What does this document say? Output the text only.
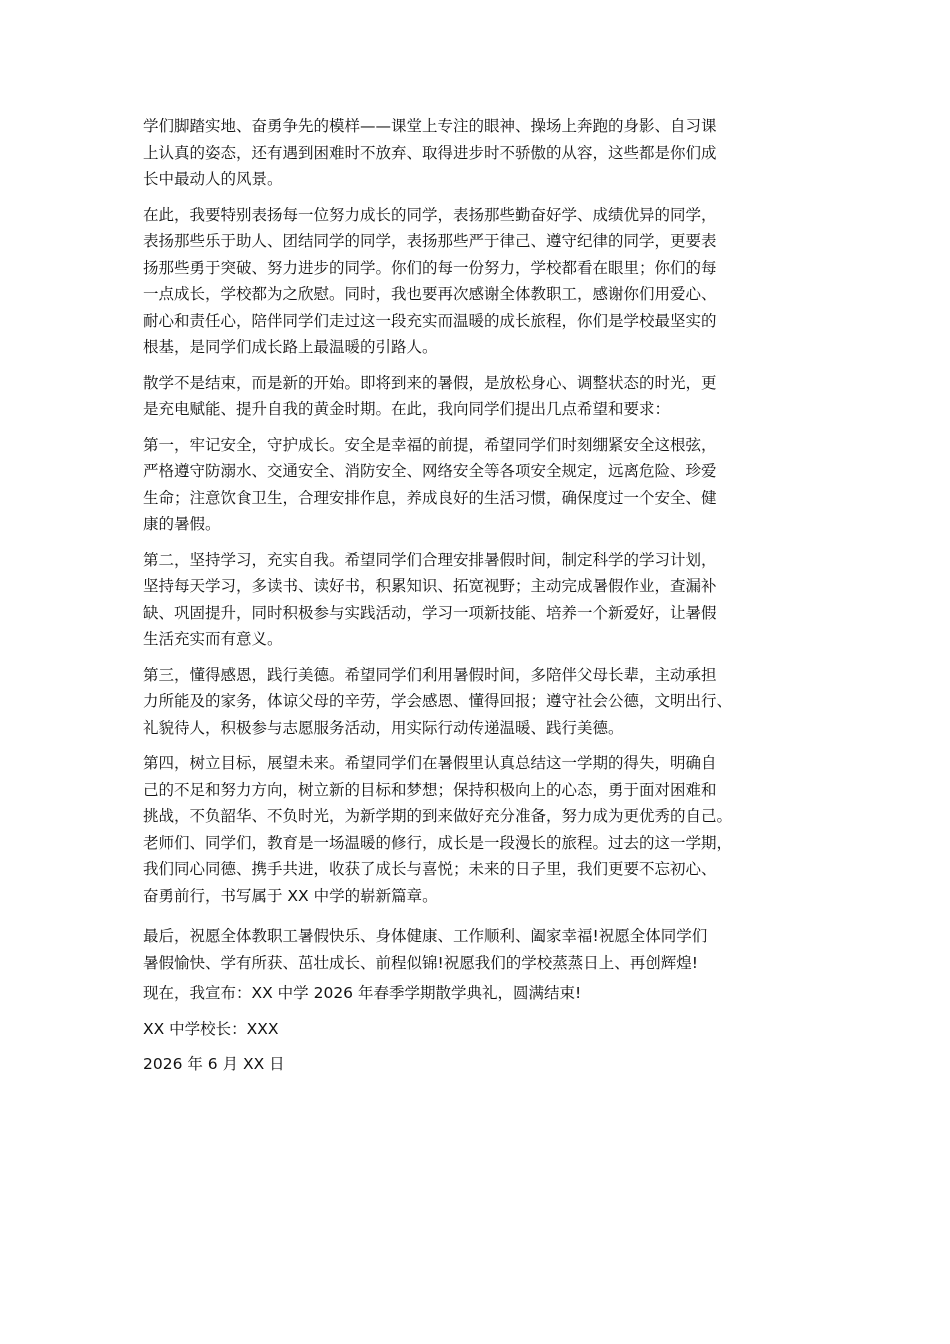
学们脚踏实地、奋勇争先的模样——课堂上专注的眼神、操场上奔跑的身影、自习课
上认真的姿态，还有遇到困难时不放弃、取得进步时不骄傲的从容，这些都是你们成
长中最动人的风景。

在此，我要特别表扬每一位努力成长的同学，表扬那些勤奋好学、成绩优异的同学，
表扬那些乐于助人、团结同学的同学，表扬那些严于律己、遵守纪律的同学，更要表
扬那些勇于突破、努力进步的同学。你们的每一份努力，学校都看在眼里；你们的每
一点成长，学校都为之欣慰。同时，我也要再次感谢全体教职工，感谢你们用爱心、
耐心和责任心，陪伴同学们走过这一段充实而温暖的成长旅程，你们是学校最坚实的
根基，是同学们成长路上最温暖的引路人。

散学不是结束，而是新的开始。即将到来的暑假，是放松身心、调整状态的时光，更
是充电赋能、提升自我的黄金时期。在此，我向同学们提出几点希望和要求：

第一，牢记安全，守护成长。安全是幸福的前提，希望同学们时刻绷紧安全这根弦，
严格遵守防溺水、交通安全、消防安全、网络安全等各项安全规定，远离危险、珍爱
生命；注意饮食卫生，合理安排作息，养成良好的生活习惯，确保度过一个安全、健
康的暑假。

第二，坚持学习，充实自我。希望同学们合理安排暑假时间，制定科学的学习计划，
坚持每天学习，多读书、读好书，积累知识、拓宽视野；主动完成暑假作业，查漏补
缺、巩固提升，同时积极参与实践活动，学习一项新技能、培养一个新爱好，让暑假
生活充实而有意义。

第三，懂得感恩，践行美德。希望同学们利用暑假时间，多陪伴父母长辈，主动承担
力所能及的家务，体谅父母的辛劳，学会感恩、懂得回报；遵守社会公德，文明出行、
礼貌待人，积极参与志愿服务活动，用实际行动传递温暖、践行美德。

第四，树立目标，展望未来。希望同学们在暑假里认真总结这一学期的得失，明确自
己的不足和努力方向，树立新的目标和梦想；保持积极向上的心态，勇于面对困难和
挑战，不负韶华、不负时光，为新学期的到来做好充分准备，努力成为更优秀的自己。
老师们、同学们，教育是一场温暖的修行，成长是一段漫长的旅程。过去的这一学期，
我们同心同德、携手共进，收获了成长与喜悦；未来的日子里，我们更要不忘初心、
奋勇前行，书写属于 XX 中学的崭新篇章。

最后，祝愿全体教职工暑假快乐、身体健康、工作顺利、阖家幸福!祝愿全体同学们
暑假愉快、学有所获、茁壮成长、前程似锦!祝愿我们的学校蒸蒸日上、再创辉煌!

现在，我宣布：XX 中学 2026 年春季学期散学典礼，圆满结束!

XX 中学校长：XXX

2026 年 6 月 XX 日
